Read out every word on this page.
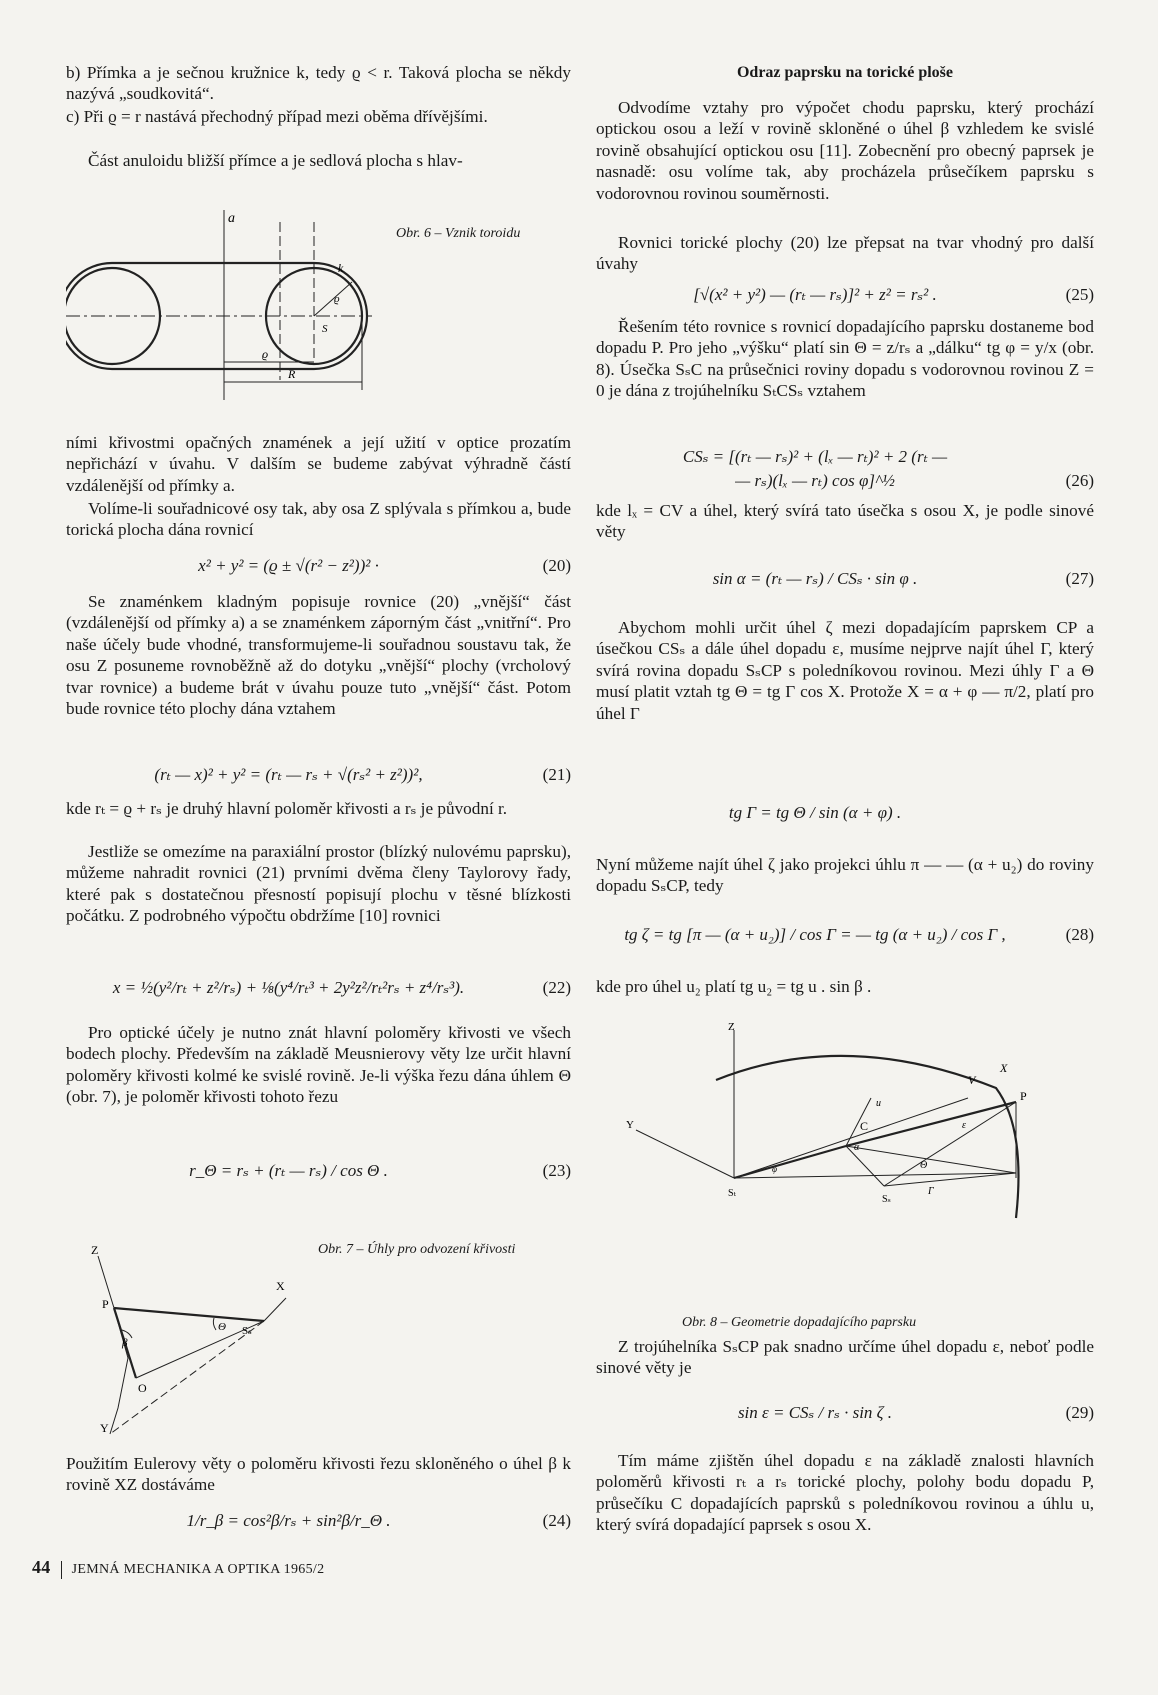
b) Přímka a je sečnou kružnice k, tedy ϱ < r. Taková plocha se někdy nazývá „soudkovitá“.

c) Při ϱ = r nastává přechodný případ mezi oběma dřívějšími.

Část anuloidu bližší přímce a je sedlová plocha s hlav-

a
k
ϱ
S
ϱ
R
Obr. 6 – Vznik toroidu

ními křivostmi opačných znamének a její užití v optice prozatím nepřichází v úvahu. V dalším se budeme zabývat výhradně částí vzdálenější od přímky a.

Volíme-li souřadnicové osy tak, aby osa Z splývala s přímkou a, bude torická plocha dána rovnicí

x² + y² = (ϱ ± √(r² − z²))² ·	(20)

Se znaménkem kladným popisuje rovnice (20) „vnější“ část (vzdálenější od přímky a) a se znaménkem záporným část „vnitřní“. Pro naše účely bude vhodné, transformujeme-li souřadnou soustavu tak, že osu Z posuneme rovnoběžně až do dotyku „vnější“ plochy (vrcholový tvar rovnice) a budeme brát v úvahu pouze tuto „vnější“ část. Potom bude rovnice této plochy dána vztahem

(rₜ — x)² + y² = (rₜ — rₛ + √(rₛ² + z²))²,	(21)

kde rₜ = ϱ + rₛ je druhý hlavní poloměr křivosti a rₛ je původní r.

Jestliže se omezíme na paraxiální prostor (blízký nulovému paprsku), můžeme nahradit rovnici (21) prvními dvěma členy Taylorovy řady, které pak s dostatečnou přesností popisují plochu v těsné blízkosti počátku. Z podrobného výpočtu obdržíme [10] rovnici

x = ½(y²/rₜ + z²/rₛ) + ⅛(y⁴/rₜ³ + 2y²z²/rₜ²rₛ + z⁴/rₛ³).	(22)

Pro optické účely je nutno znát hlavní poloměry křivosti ve všech bodech plochy. Především na základě Meusnierovy věty lze určit hlavní poloměry křivosti kolmé ke svislé rovině. Je-li výška řezu dána úhlem Θ (obr. 7), je poloměr křivosti tohoto řezu

r_Θ = rₛ + (rₜ — rₛ) / cos Θ .	(23)
Z
X
Y
P
O
Sₛ
β
Θ
Obr. 7 – Úhly pro odvození křivosti

Použitím Eulerovy věty o poloměru křivosti řezu skloněného o úhel β k rovině XZ dostáváme

1/r_β = cos²β/rₛ + sin²β/r_Θ .	(24)
Odraz paprsku na torické ploše

Odvodíme vztahy pro výpočet chodu paprsku, který prochází optickou osou a leží v rovině skloněné o úhel β vzhledem ke svislé rovině obsahující optickou osu [11]. Zobecnění pro obecný paprsek je nasnadě: osu volíme tak, aby procházela průsečíkem paprsku s vodorovnou rovinou souměrnosti.

Rovnici torické plochy (20) lze přepsat na tvar vhodný pro další úvahy

[√(x² + y²) — (rₜ — rₛ)]² + z² = rₛ² .	(25)

Řešením této rovnice s rovnicí dopadajícího paprsku dostaneme bod dopadu P. Pro jeho „výšku“ platí sin Θ = z/rₛ a „dálku“ tg φ = y/x (obr. 8). Úsečka SₛC na průsečnici roviny dopadu s vodorovnou rovinou Z = 0 je dána z trojúhelníku SₜCSₛ vztahem

CSₛ = [(rₜ — rₛ)² + (lₓ — rₜ)² + 2 (rₜ —
— rₛ)(lₓ — rₜ) cos φ]^½	(26)

kde lₓ = CV a úhel, který svírá tato úsečka s osou X, je podle sinové věty

sin α = (rₜ — rₛ) / CSₛ · sin φ .	(27)

Abychom mohli určit úhel ζ mezi dopadajícím paprskem CP a úsečkou CSₛ a dále úhel dopadu ε, musíme nejprve najít úhel Γ, který svírá rovina dopadu SₛCP s poledníkovou rovinou. Mezi úhly Γ a Θ musí platit vztah tg Θ = tg Γ cos X. Protože X = α + φ — π/2, platí pro úhel Γ

tg Γ = tg Θ / sin (α + φ) .

Nyní můžeme najít úhel ζ jako projekci úhlu π — — (α + u₂) do roviny dopadu SₛCP, tedy

tg ζ = tg [π — (α + u₂)] / cos Γ = — tg (α + u₂) / cos Γ ,	(28)

kde pro úhel u₂ platí tg u₂ = tg u . sin β .

Z
Y
X
V
P
C
u
Sₜ
Sₛ
α
φ
ε
Θ
Γ
Obr. 8 – Geometrie dopadajícího paprsku

Z trojúhelníka SₛCP pak snadno určíme úhel dopadu ε, neboť podle sinové věty je

sin ε = CSₛ / rₛ · sin ζ .	(29)

Tím máme zjištěn úhel dopadu ε na základě znalosti hlavních poloměrů křivosti rₜ a rₛ torické plochy, polohy bodu dopadu P, průsečíku C dopadajících paprsků s poledníkovou rovinou a úhlu u, který svírá dopadající paprsek s osou X.

44 JEMNÁ MECHANIKA A OPTIKA 1965/2
